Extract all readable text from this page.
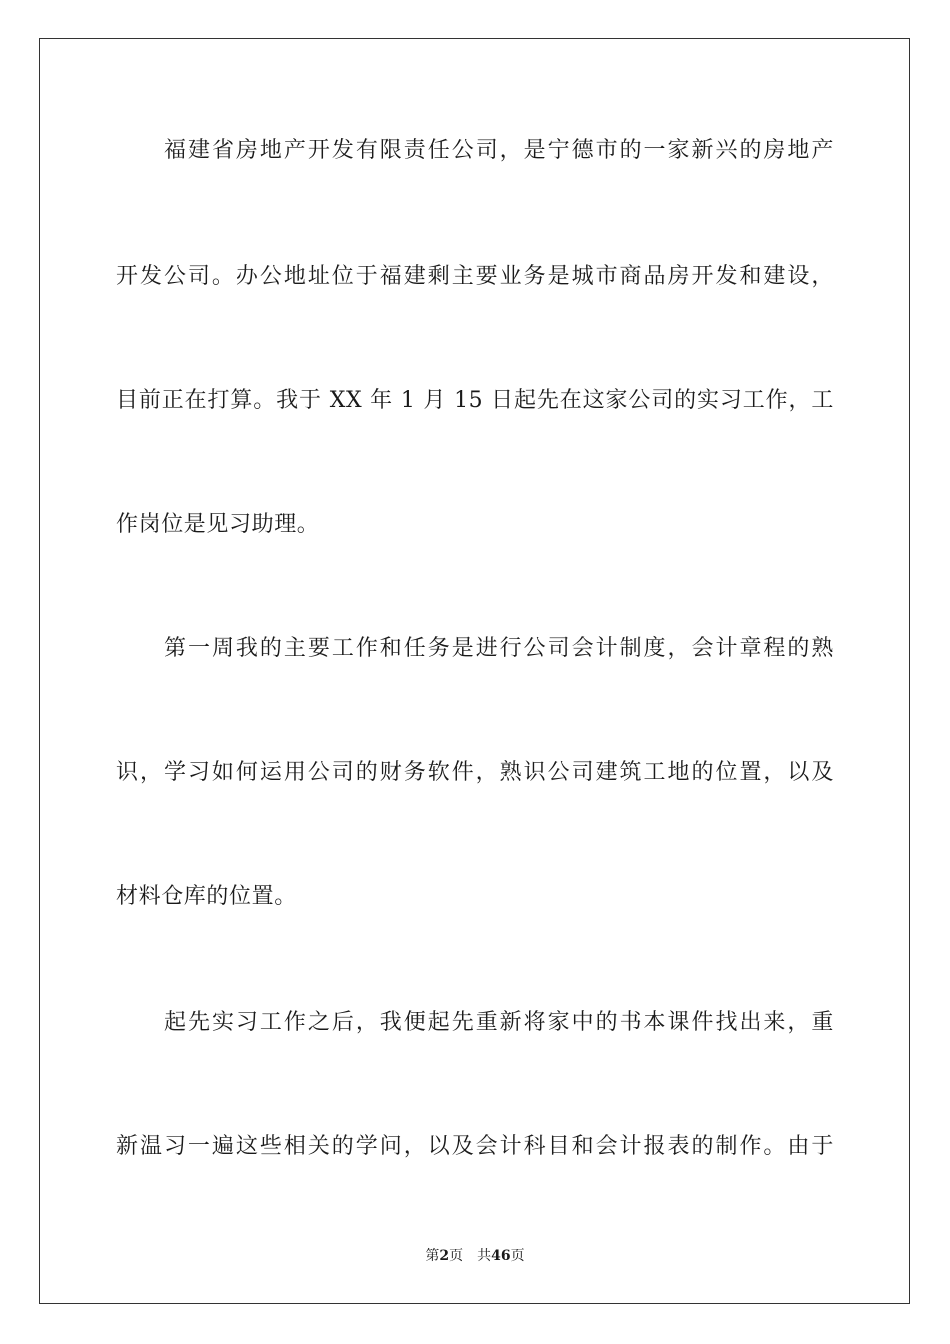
福建省房地产开发有限责任公司，是宁德市的一家新兴的房地产
开发公司。办公地址位于福建剩主要业务是城市商品房开发和建设，
目前正在打算。我于 XX 年 1 月 15 日起先在这家公司的实习工作，工
作岗位是见习助理。
第一周我的主要工作和任务是进行公司会计制度，会计章程的熟
识，学习如何运用公司的财务软件，熟识公司建筑工地的位置，以及
材料仓库的位置。
起先实习工作之后，我便起先重新将家中的书本课件找出来，重
新温习一遍这些相关的学问，以及会计科目和会计报表的制作。由于
第2页 共46页
